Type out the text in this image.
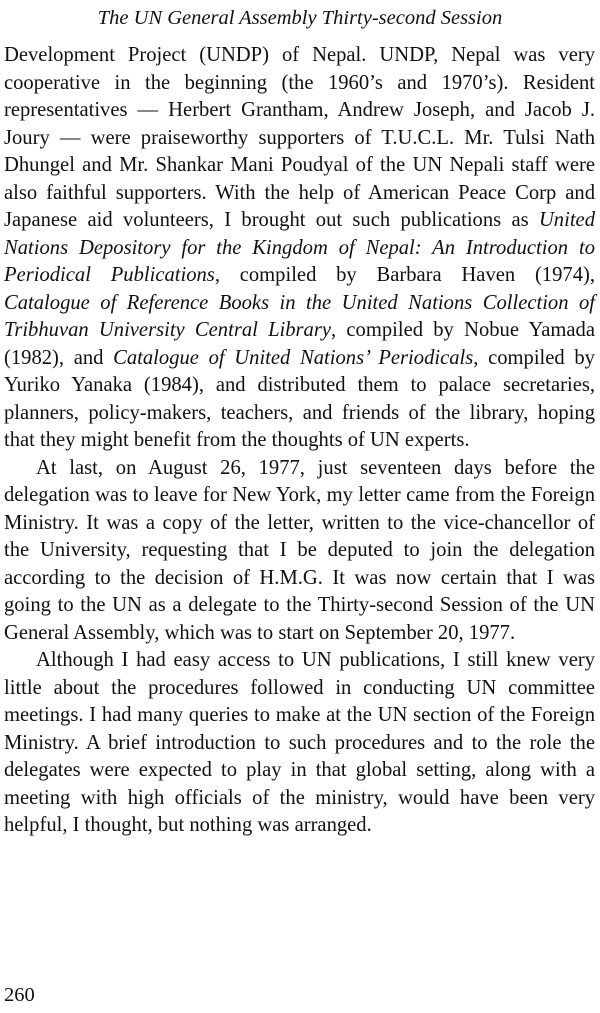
The UN General Assembly Thirty-second Session

Development Project (UNDP) of Nepal. UNDP, Nepal was very cooperative in the beginning (the 1960’s and 1970’s). Resident representatives — Herbert Grantham, Andrew Joseph, and Jacob J. Joury — were praiseworthy supporters of T.U.C.L. Mr. Tulsi Nath Dhungel and Mr. Shankar Mani Poudyal of the UN Nepali staff were also faithful supporters. With the help of American Peace Corp and Japanese aid volunteers, I brought out such publications as United Nations Depository for the Kingdom of Nepal: An Introduction to Periodical Publications, compiled by Barbara Haven (1974), Catalogue of Reference Books in the United Nations Collection of Tribhuvan University Central Library, compiled by Nobue Yamada (1982), and Catalogue of United Nations’ Periodicals, compiled by Yuriko Yanaka (1984), and distributed them to palace secretaries, planners, policy-makers, teachers, and friends of the library, hoping that they might benefit from the thoughts of UN experts.

At last, on August 26, 1977, just seventeen days before the delegation was to leave for New York, my letter came from the Foreign Ministry. It was a copy of the letter, written to the vice-chancellor of the University, requesting that I be deputed to join the delegation according to the decision of H.M.G. It was now certain that I was going to the UN as a delegate to the Thirty-second Session of the UN General Assembly, which was to start on September 20, 1977.

Although I had easy access to UN publications, I still knew very little about the procedures followed in conducting UN committee meetings. I had many queries to make at the UN section of the Foreign Ministry. A brief introduction to such procedures and to the role the delegates were expected to play in that global setting, along with a meeting with high officials of the ministry, would have been very helpful, I thought, but nothing was arranged.

260
